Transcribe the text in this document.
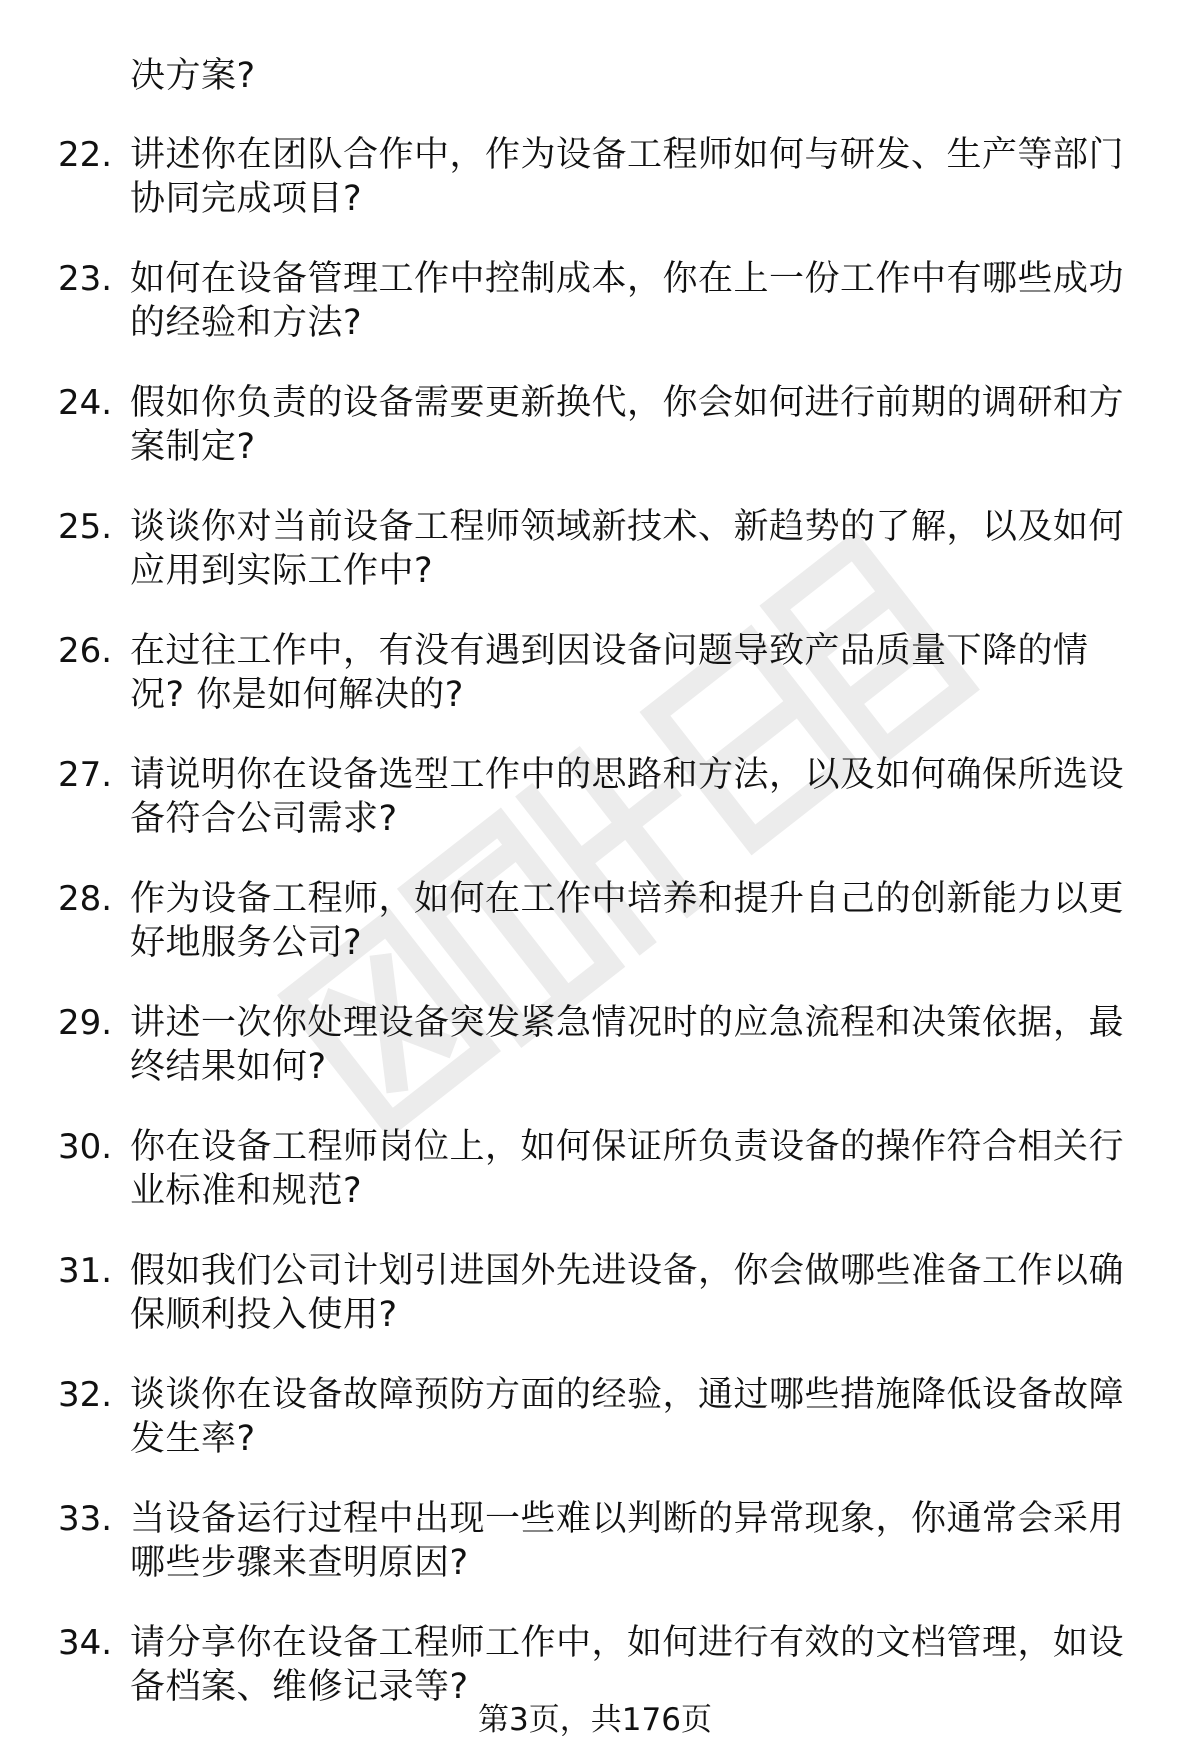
决方案?
22. 讲述你在团队合作中，作为设备工程师如何与研发、生产等部门
协同完成项目?
23. 如何在设备管理工作中控制成本，你在上一份工作中有哪些成功
的经验和方法?
24. 假如你负责的设备需要更新换代，你会如何进行前期的调研和方
案制定?
25. 谈谈你对当前设备工程师领域新技术、新趋势的了解，以及如何
应用到实际工作中?
26. 在过往工作中，有没有遇到因设备问题导致产品质量下降的情
况? 你是如何解决的?
27. 请说明你在设备选型工作中的思路和方法，以及如何确保所选设
备符合公司需求?
28. 作为设备工程师，如何在工作中培养和提升自己的创新能力以更
好地服务公司?
29. 讲述一次你处理设备突发紧急情况时的应急流程和决策依据，最
终结果如何?
30. 你在设备工程师岗位上，如何保证所负责设备的操作符合相关行
业标准和规范?
31. 假如我们公司计划引进国外先进设备，你会做哪些准备工作以确
保顺利投入使用?
32. 谈谈你在设备故障预防方面的经验，通过哪些措施降低设备故障
发生率?
33. 当设备运行过程中出现一些难以判断的异常现象，你通常会采用
哪些步骤来查明原因?
34. 请分享你在设备工程师工作中，如何进行有效的文档管理，如设
备档案、维修记录等?
第3页，共176页
